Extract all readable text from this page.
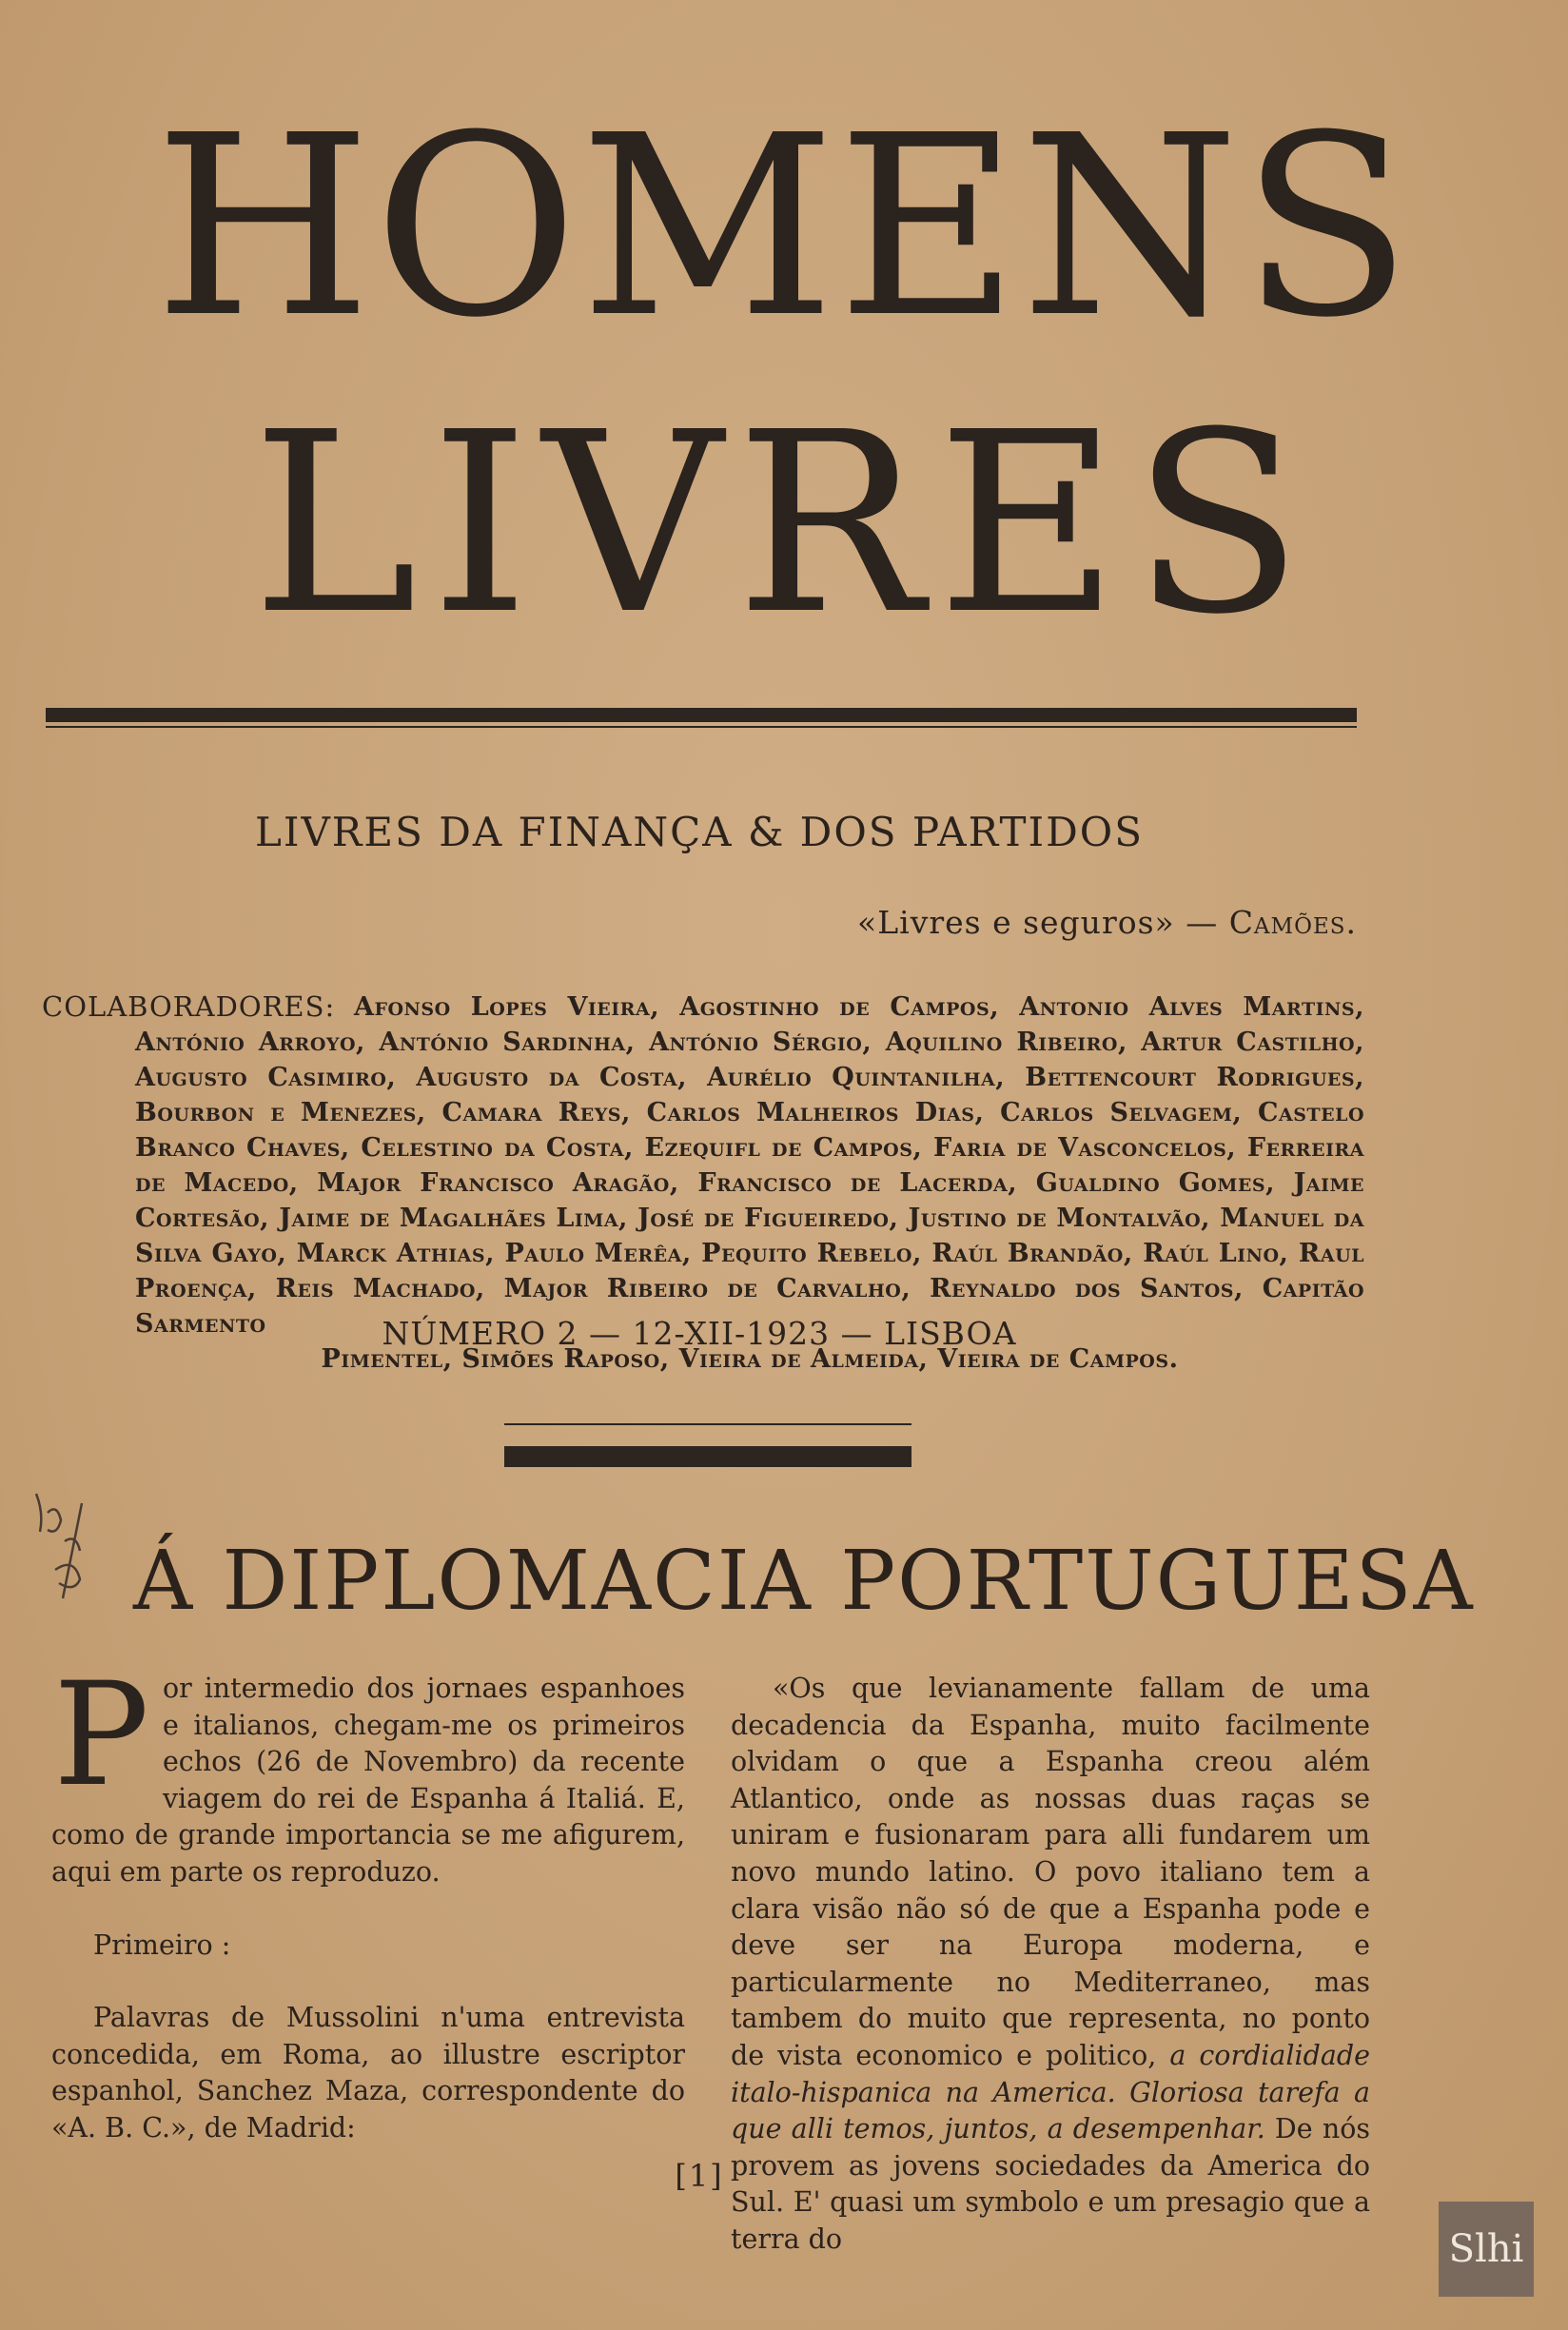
HOMENS
LIVRES
LIVRES DA FINANÇA & DOS PARTIDOS
«Livres e seguros» — Camões.
COLABORADORES: Afonso Lopes Vieira, Agostinho de Campos, Antonio Alves Martins, António Arroyo, António Sardinha, António Sérgio, Aquilino Ribeiro, Artur Castilho, Augusto Casimiro, Augusto da Costa, Aurélio Quintanilha, Bettencourt Rodrigues, Bourbon e Menezes, Camara Reys, Carlos Malheiros Dias, Carlos Selvagem, Castelo Branco Chaves, Celestino da Costa, Ezequifl de Campos, Faria de Vasconcelos, Ferreira de Macedo, Major Francisco Aragão, Francisco de Lacerda, Gualdino Gomes, Jaime Cortesão, Jaime de Magalhães Lima, José de Figueiredo, Justino de Montalvão, Manuel da Silva Gayo, Marck Athias, Paulo Merêa, Pequito Rebelo, Raúl Brandão, Raúl Lino, Raul Proença, Reis Machado, Major Ribeiro de Carvalho, Reynaldo dos Santos, Capitão Sarmento
Pimentel, Simões Raposo, Vieira de Almeida, Vieira de Campos.
NÚMERO 2 — 12-XII-1923 — LISBOA
Á DIPLOMACIA PORTUGUESA

Por intermedio dos jornaes espanhoes e italianos, chegam-me os primeiros echos (26 de Novembro) da recente viagem do rei de Espanha á Italiá. E, como de grande importancia se me afigurem, aqui em parte os reproduzo.

Primeiro :

Palavras de Mussolini n'uma entrevista concedida, em Roma, ao illustre escriptor espanhol, Sanchez Maza, correspondente do «A. B. C.», de Madrid:

«Os que levianamente fallam de uma decadencia da Espanha, muito facilmente olvidam o que a Espanha creou além Atlantico, onde as nossas duas raças se uniram e fusionaram para alli fundarem um novo mundo latino. O povo italiano tem a clara visão não só de que a Espanha pode e deve ser na Europa moderna, e particularmente no Mediterraneo, mas tambem do muito que representa, no ponto de vista economico e politico, a cordialidade italo-hispanica na America. Gloriosa tarefa a que alli temos, juntos, a desempenhar. De nós provem as jovens sociedades da America do Sul. E' quasi um symbolo e um presagio que a terra do

[1]
Slhi
